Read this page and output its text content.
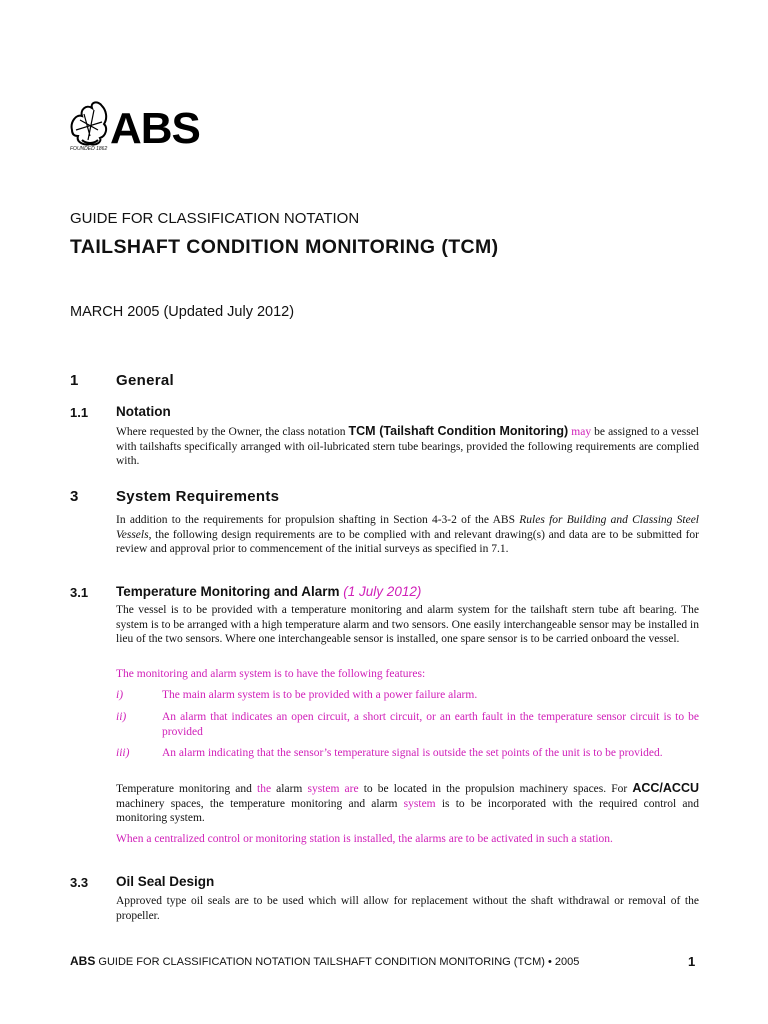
FOUNDED 1862 ABS
GUIDE FOR CLASSIFICATION NOTATION
TAILSHAFT CONDITION MONITORING (TCM)
MARCH 2005 (Updated July 2012)
1	General
1.1 Notation
Where requested by the Owner, the class notation TCM (Tailshaft Condition Monitoring) may be assigned to a vessel with tailshafts specifically arranged with oil-lubricated stern tube bearings, provided the following requirements are complied with.
3	System Requirements
In addition to the requirements for propulsion shafting in Section 4-3-2 of the ABS Rules for Building and Classing Steel Vessels, the following design requirements are to be complied with and relevant drawing(s) and data are to be submitted for review and approval prior to commencement of the initial surveys as specified in 7.1.
3.1 Temperature Monitoring and Alarm (1 July 2012)
The vessel is to be provided with a temperature monitoring and alarm system for the tailshaft stern tube aft bearing. The system is to be arranged with a high temperature alarm and two sensors. One easily interchangeable sensor may be installed in lieu of the two sensors. Where one interchangeable sensor is installed, one spare sensor is to be carried onboard the vessel.
The monitoring and alarm system is to have the following features:
i)	The main alarm system is to be provided with a power failure alarm.
ii)	An alarm that indicates an open circuit, a short circuit, or an earth fault in the temperature sensor circuit is to be provided
iii)	An alarm indicating that the sensor’s temperature signal is outside the set points of the unit is to be provided.
Temperature monitoring and the alarm system are to be located in the propulsion machinery spaces. For ACC/ACCU machinery spaces, the temperature monitoring and alarm system is to be incorporated with the required control and monitoring system.
When a centralized control or monitoring station is installed, the alarms are to be activated in such a station.
3.3 Oil Seal Design
Approved type oil seals are to be used which will allow for replacement without the shaft withdrawal or removal of the propeller.
ABS GUIDE FOR CLASSIFICATION NOTATION TAILSHAFT CONDITION MONITORING (TCM) • 2005	1
